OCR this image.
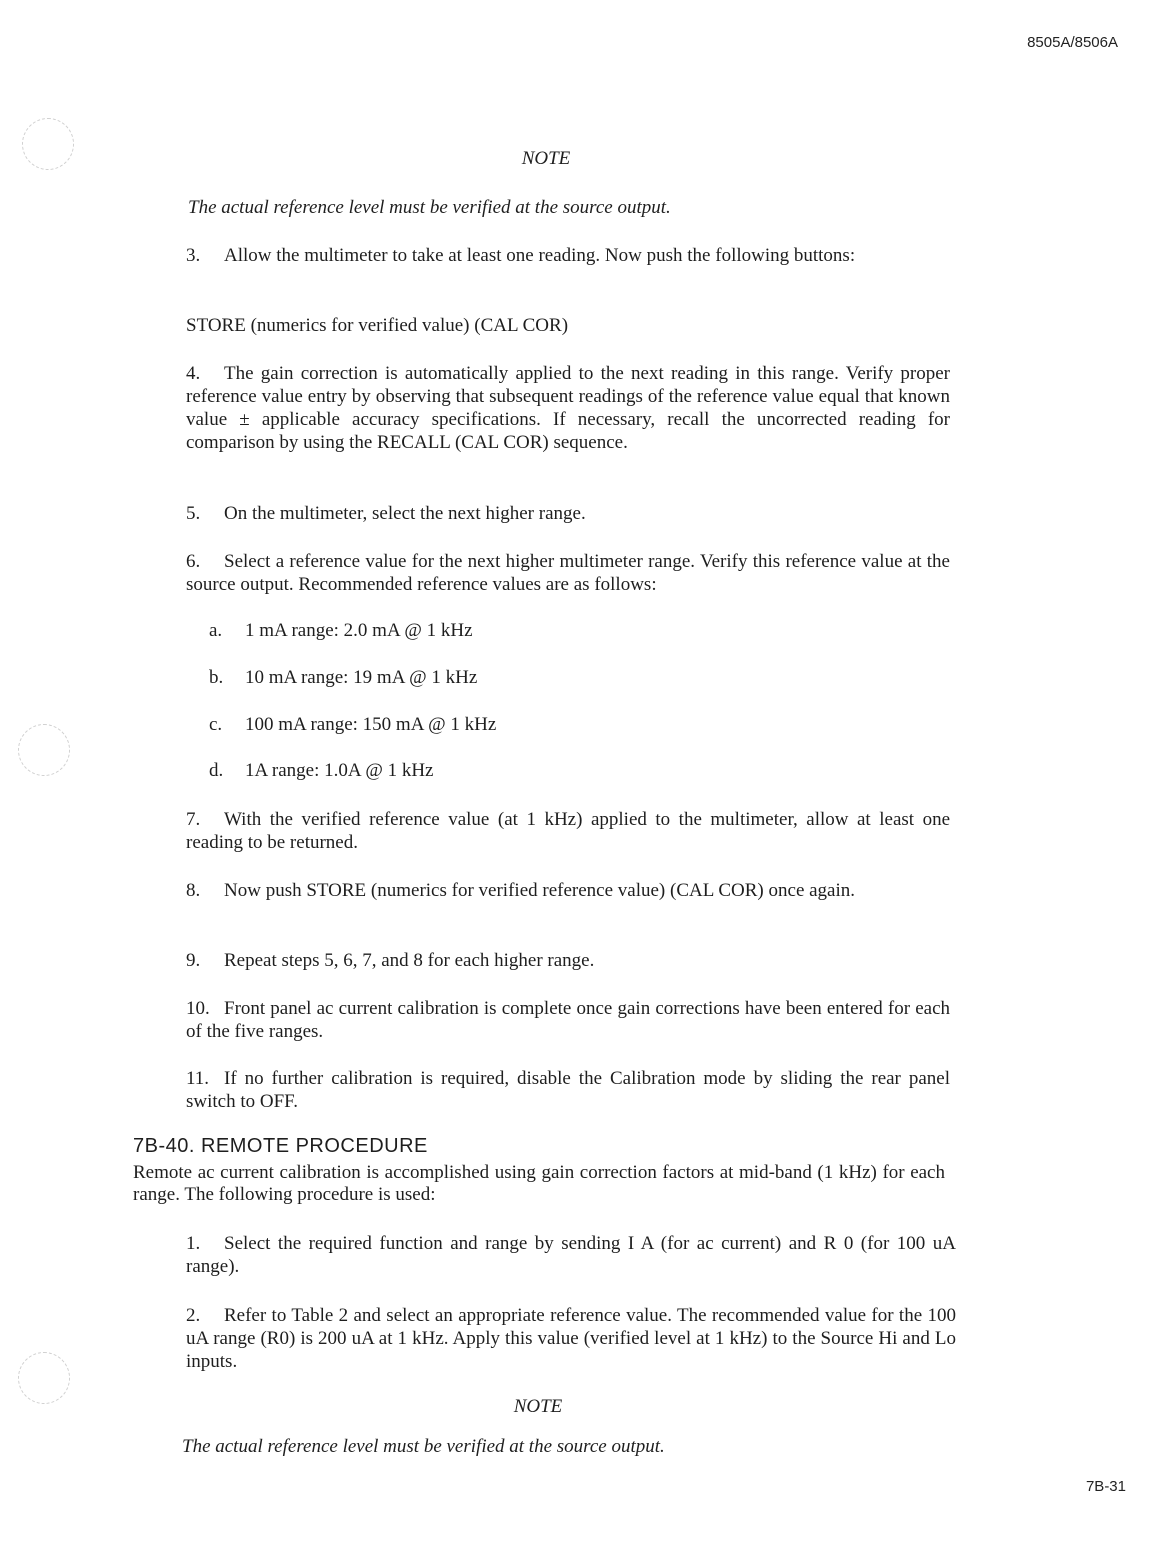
8505A/8506A
NOTE
The actual reference level must be verified at the source output.
3. Allow the multimeter to take at least one reading. Now push the following buttons:
STORE (numerics for verified value) (CAL COR)
4. The gain correction is automatically applied to the next reading in this range. Verify proper reference value entry by observing that subsequent readings of the reference value equal that known value ± applicable accuracy specifications. If necessary, recall the uncorrected reading for comparison by using the RECALL (CAL COR) sequence.
5. On the multimeter, select the next higher range.
6. Select a reference value for the next higher multimeter range. Verify this reference value at the source output. Recommended reference values are as follows:
a. 1 mA range: 2.0 mA @ 1 kHz
b. 10 mA range: 19 mA @ 1 kHz
c. 100 mA range: 150 mA @ 1 kHz
d. 1A range: 1.0A @ 1 kHz
7. With the verified reference value (at 1 kHz) applied to the multimeter, allow at least one reading to be returned.
8. Now push STORE (numerics for verified reference value) (CAL COR) once again.
9. Repeat steps 5, 6, 7, and 8 for each higher range.
10. Front panel ac current calibration is complete once gain corrections have been entered for each of the five ranges.
11. If no further calibration is required, disable the Calibration mode by sliding the rear panel switch to OFF.
7B-40. REMOTE PROCEDURE
Remote ac current calibration is accomplished using gain correction factors at mid-band (1 kHz) for each range. The following procedure is used:
1. Select the required function and range by sending I A (for ac current) and R 0 (for 100 uA range).
2. Refer to Table 2 and select an appropriate reference value. The recommended value for the 100 uA range (R0) is 200 uA at 1 kHz. Apply this value (verified level at 1 kHz) to the Source Hi and Lo inputs.
NOTE
The actual reference level must be verified at the source output.
7B-31
